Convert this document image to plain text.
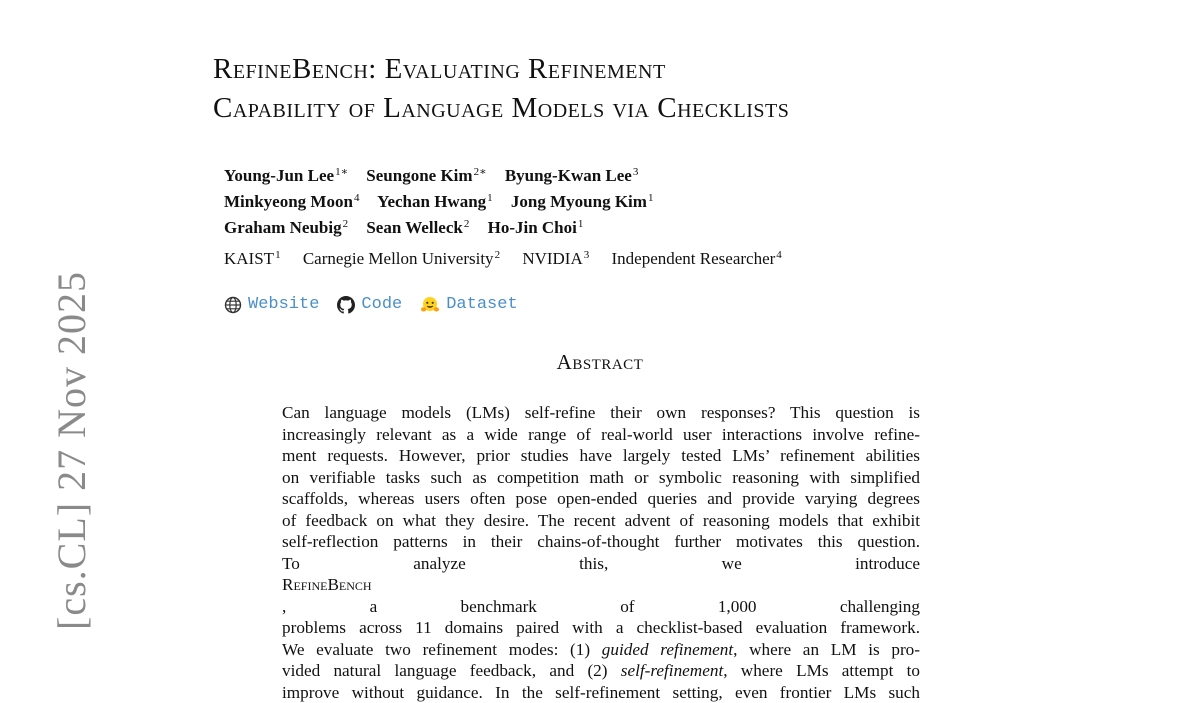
[cs.CL] 27 Nov 2025
RefineBench: Evaluating Refinement
Capability of Language Models via Checklists
Young-Jun Lee$^{1∗}$ Seungone Kim$^{2∗}$ Byung-Kwan Lee$^3$
Minkyeong Moon$^4$ Yechan Hwang$^1$ Jong Myoung Kim$^1$
Graham Neubig$^2$ Sean Welleck$^2$ Ho-Jin Choi$^1$
KAIST$^1$ Carnegie Mellon University$^2$ NVIDIA$^3$ Independent Researcher$^4$
Website Code	Dataset
Abstract

Can language models (LMs) self-refine their own responses? This question is
increasingly relevant as a wide range of real-world user interactions involve refine-
ment requests. However, prior studies have largely tested LMs’ refinement abilities
on verifiable tasks such as competition math or symbolic reasoning with simplified
scaffolds, whereas users often pose open-ended queries and provide varying degrees
of feedback on what they desire. The recent advent of reasoning models that exhibit
self-reflection patterns in their chains-of-thought further motivates this question.
To analyze this, we introduce
RefineBench
, a benchmark of 1,000 challenging
problems across 11 domains paired with a checklist-based evaluation framework.
We evaluate two refinement modes: (1) guided refinement, where an LM is pro-
vided natural language feedback, and (2) self-refinement, where LMs attempt to
improve without guidance. In the self-refinement setting, even frontier LMs such
